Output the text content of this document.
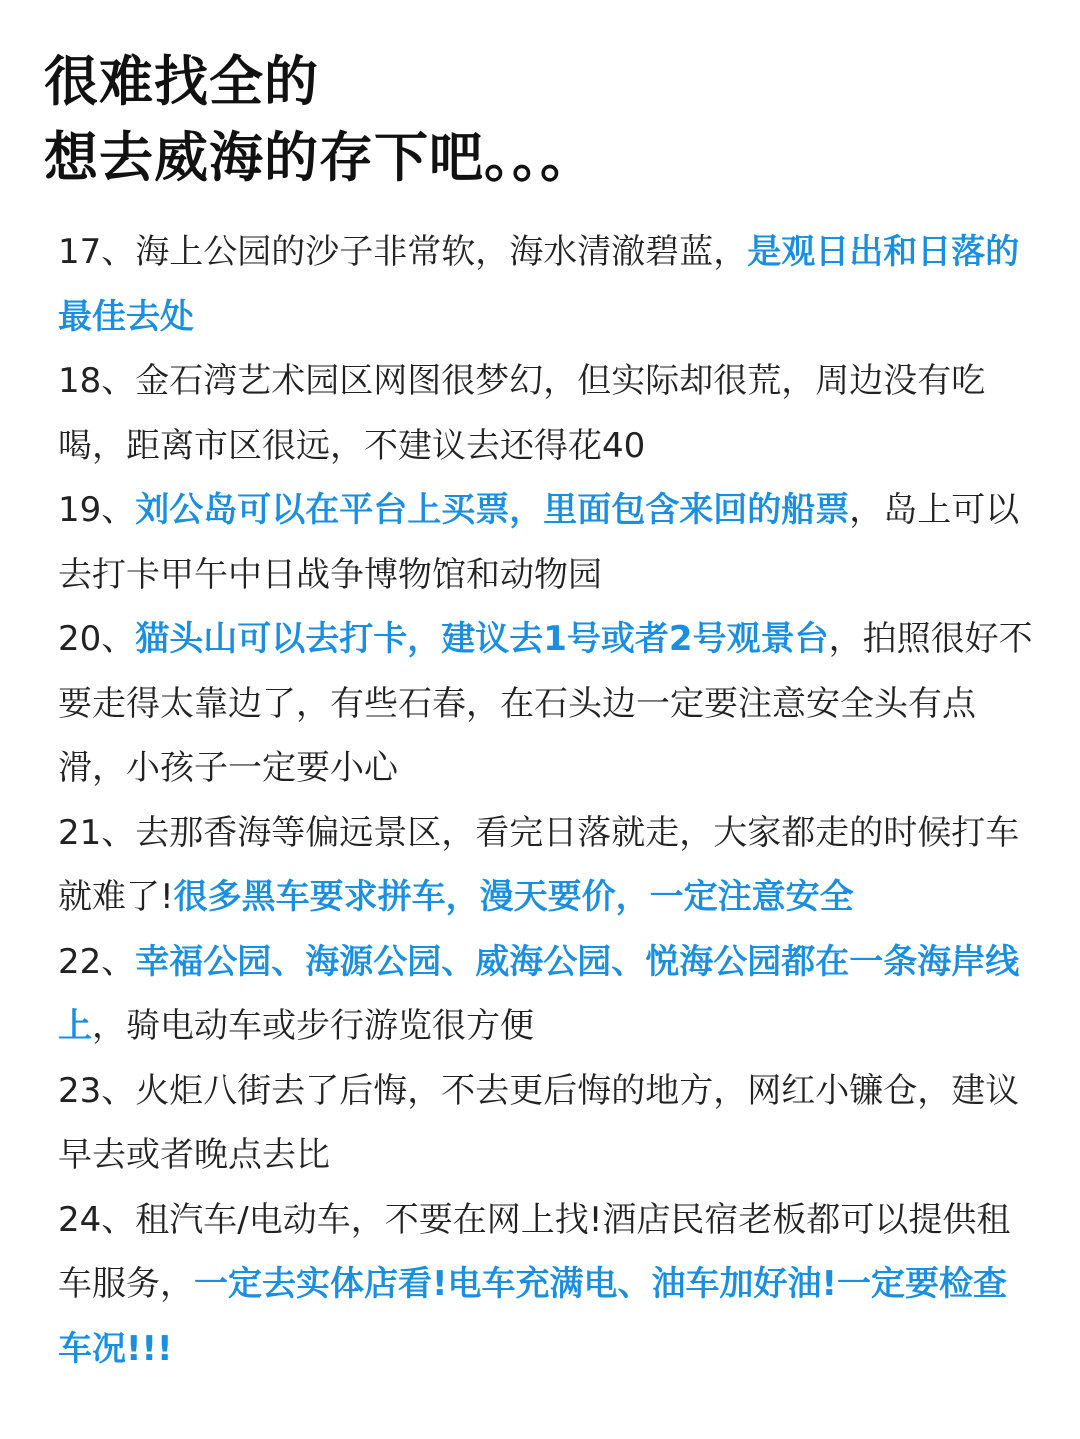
很难找全的
想去威海的存下吧。。。
17、海上公园的沙子非常软，海水清澈碧蓝，是观日出和日落的最佳去处
18、金石湾艺术园区网图很梦幻，但实际却很荒，周边没有吃喝，距离市区很远，不建议去还得花40
19、刘公岛可以在平台上买票，里面包含来回的船票，岛上可以去打卡甲午中日战争博物馆和动物园
20、猫头山可以去打卡，建议去1号或者2号观景台，拍照很好不要走得太靠边了，有些石春，在石头边一定要注意安全头有点滑，小孩子一定要小心
21、去那香海等偏远景区，看完日落就走，大家都走的时候打车就难了!很多黑车要求拼车，漫天要价，一定注意安全
22、幸福公园、海源公园、威海公园、悦海公园都在一条海岸线上，骑电动车或步行游览很方便
23、火炬八街去了后悔，不去更后悔的地方，网红小镰仓，建议早去或者晚点去比
24、租汽车/电动车，不要在网上找!酒店民宿老板都可以提供租车服务，一定去实体店看!电车充满电、油车加好油!一定要检查车况!!!
